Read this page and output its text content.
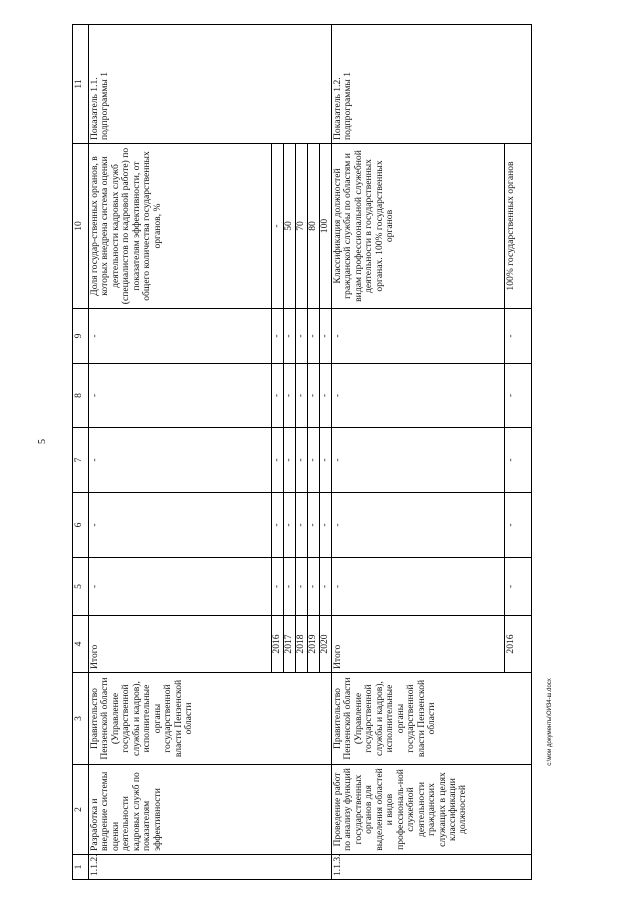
5
1	2	3	4	5	6	7	8	9	10	11
1.1.2.	Разработка и внедрение системы оценки деятельности кадровых служб по показателям эффективности	Правительство Пензенской области (Управление государственной службы и кадров), исполнительные органы государственной власти Пензенской области	Итого	-	-	-	-	-	Доля государ-ственных органов, в которых внедрена система оценки деятельности кадровых служб (специалистов по кадровой работе) по показателям эффективности, от общего количества государственных органов, %	Показатель 1.1. подпрограммы 1
			2016	-	-	-	-	-	-	
			2017	-	-	-	-	-	50	
			2018	-	-	-	-	-	70	
			2019	-	-	-	-	-	80	
			2020	-	-	-	-	-	100	
1.1.3.	Проведение работ по анализу функций государственных органов для выделения областей и видов профессиональ-ной служебной деятельности гражданских служащих в целях классификации должностей	Правительство Пензенской области (Управление государственной службы и кадров), исполнительные органы государственной власти Пензенской области	Итого	-	-	-	-	-	Классификация должностей гражданской службы по областям и видам профессиональной служебной деятельности в государственных органах. 100% государственных органов	Показатель 1.2. подпрограммы 1
			2016	-	-	-	-	-	100% государственных органов	
c:\мои документы\ОИ34-ш.docx
